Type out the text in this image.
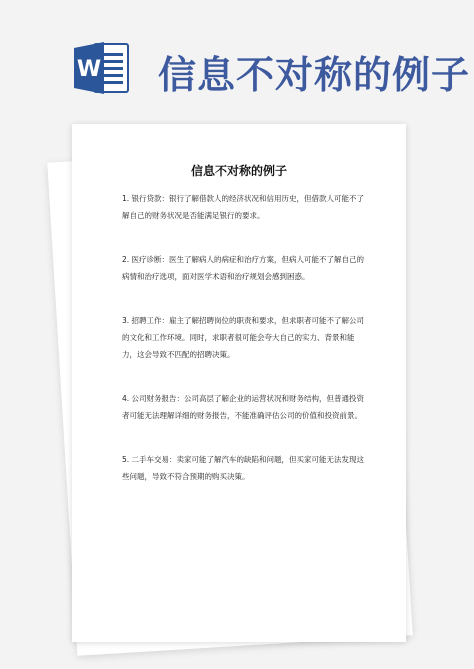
W 信息不对称的例子
信息不对称的例子

1. 银行贷款：银行了解借款人的经济状况和信用历史，但借款人可能不了解自己的财务状况是否能满足银行的要求。

2. 医疗诊断：医生了解病人的病症和治疗方案，但病人可能不了解自己的病情和治疗选项，面对医学术语和治疗规划会感到困惑。

3. 招聘工作：雇主了解招聘岗位的职责和要求，但求职者可能不了解公司的文化和工作环境。同时，求职者很可能会夸大自己的实力、背景和能力，这会导致不匹配的招聘决策。

4. 公司财务报告：公司高层了解企业的运营状况和财务结构，但普通投资者可能无法理解详细的财务报告，不能准确评估公司的价值和投资前景。

5. 二手车交易：卖家可能了解汽车的缺陷和问题，但买家可能无法发现这些问题，导致不符合预期的购买决策。
